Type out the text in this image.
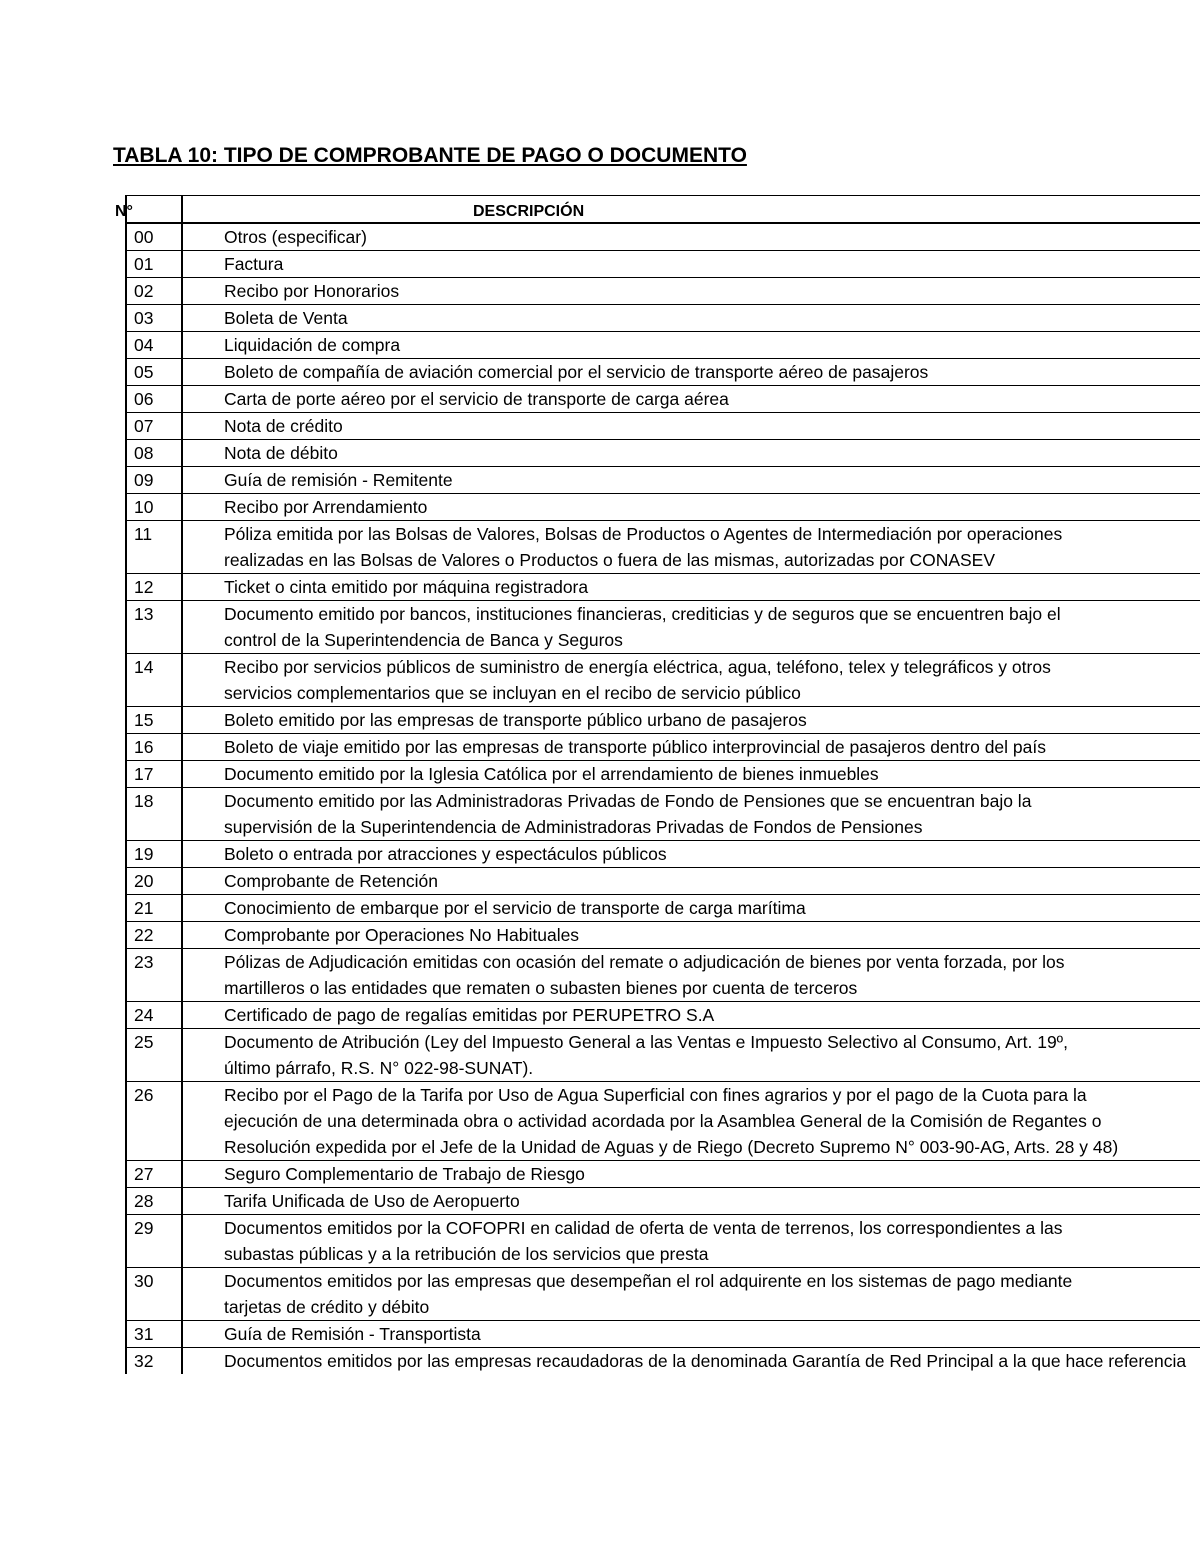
TABLA 10: TIPO DE COMPROBANTE DE PAGO O DOCUMENTO
N°	DESCRIPCIÓN
00	Otros (especificar)
01	Factura
02	Recibo por Honorarios
03	Boleta de Venta
04	Liquidación de compra
05	Boleto de compañía de aviación comercial por el servicio de transporte aéreo de pasajeros
06	Carta de porte aéreo por el servicio de transporte de carga aérea
07	Nota de crédito
08	Nota de débito
09	Guía de remisión - Remitente
10	Recibo por Arrendamiento
11	Póliza emitida por las Bolsas de Valores, Bolsas de Productos o Agentes de Intermediación por operaciones
realizadas en las Bolsas de Valores o Productos o fuera de las mismas, autorizadas por CONASEV
12	Ticket o cinta emitido por máquina registradora
13	Documento emitido por bancos, instituciones financieras, crediticias y de seguros que se encuentren bajo el
control de la Superintendencia de Banca y Seguros
14	Recibo por servicios públicos de suministro de energía eléctrica, agua, teléfono, telex y telegráficos y otros
servicios complementarios que se incluyan en el recibo de servicio público
15	Boleto emitido por las empresas de transporte público urbano de pasajeros
16	Boleto de viaje emitido por las empresas de transporte público interprovincial de pasajeros dentro del país
17	Documento emitido por la Iglesia Católica por el arrendamiento de bienes inmuebles
18	Documento emitido por las Administradoras Privadas de Fondo de Pensiones que se encuentran bajo la
supervisión de la Superintendencia de Administradoras Privadas de Fondos de Pensiones
19	Boleto o entrada por atracciones y espectáculos públicos
20	Comprobante de Retención
21	Conocimiento de embarque por el servicio de transporte de carga marítima
22	Comprobante por Operaciones No Habituales
23	Pólizas de Adjudicación emitidas con ocasión del remate o adjudicación de bienes por venta forzada, por los
martilleros o las entidades que rematen o subasten bienes por cuenta de terceros
24	Certificado de pago de regalías emitidas por PERUPETRO S.A
25	Documento de Atribución (Ley del Impuesto General a las Ventas e Impuesto Selectivo al Consumo, Art. 19º,
último párrafo, R.S. N° 022-98-SUNAT).
26	Recibo por el Pago de la Tarifa por Uso de Agua Superficial con fines agrarios y por el pago de la Cuota para la
ejecución de una determinada obra o actividad acordada por la Asamblea General de la Comisión de Regantes o
Resolución expedida por el Jefe de la Unidad de Aguas y de Riego (Decreto Supremo N° 003-90-AG, Arts. 28 y 48)
27	Seguro Complementario de Trabajo de Riesgo
28	Tarifa Unificada de Uso de Aeropuerto
29	Documentos emitidos por la COFOPRI en calidad de oferta de venta de terrenos, los correspondientes a las
subastas públicas y a la retribución de los servicios que presta
30	Documentos emitidos por las empresas que desempeñan el rol adquirente en los sistemas de pago mediante
tarjetas de crédito y débito
31	Guía de Remisión - Transportista
32	Documentos emitidos por las empresas recaudadoras de la denominada Garantía de Red Principal a la que hace referencia
